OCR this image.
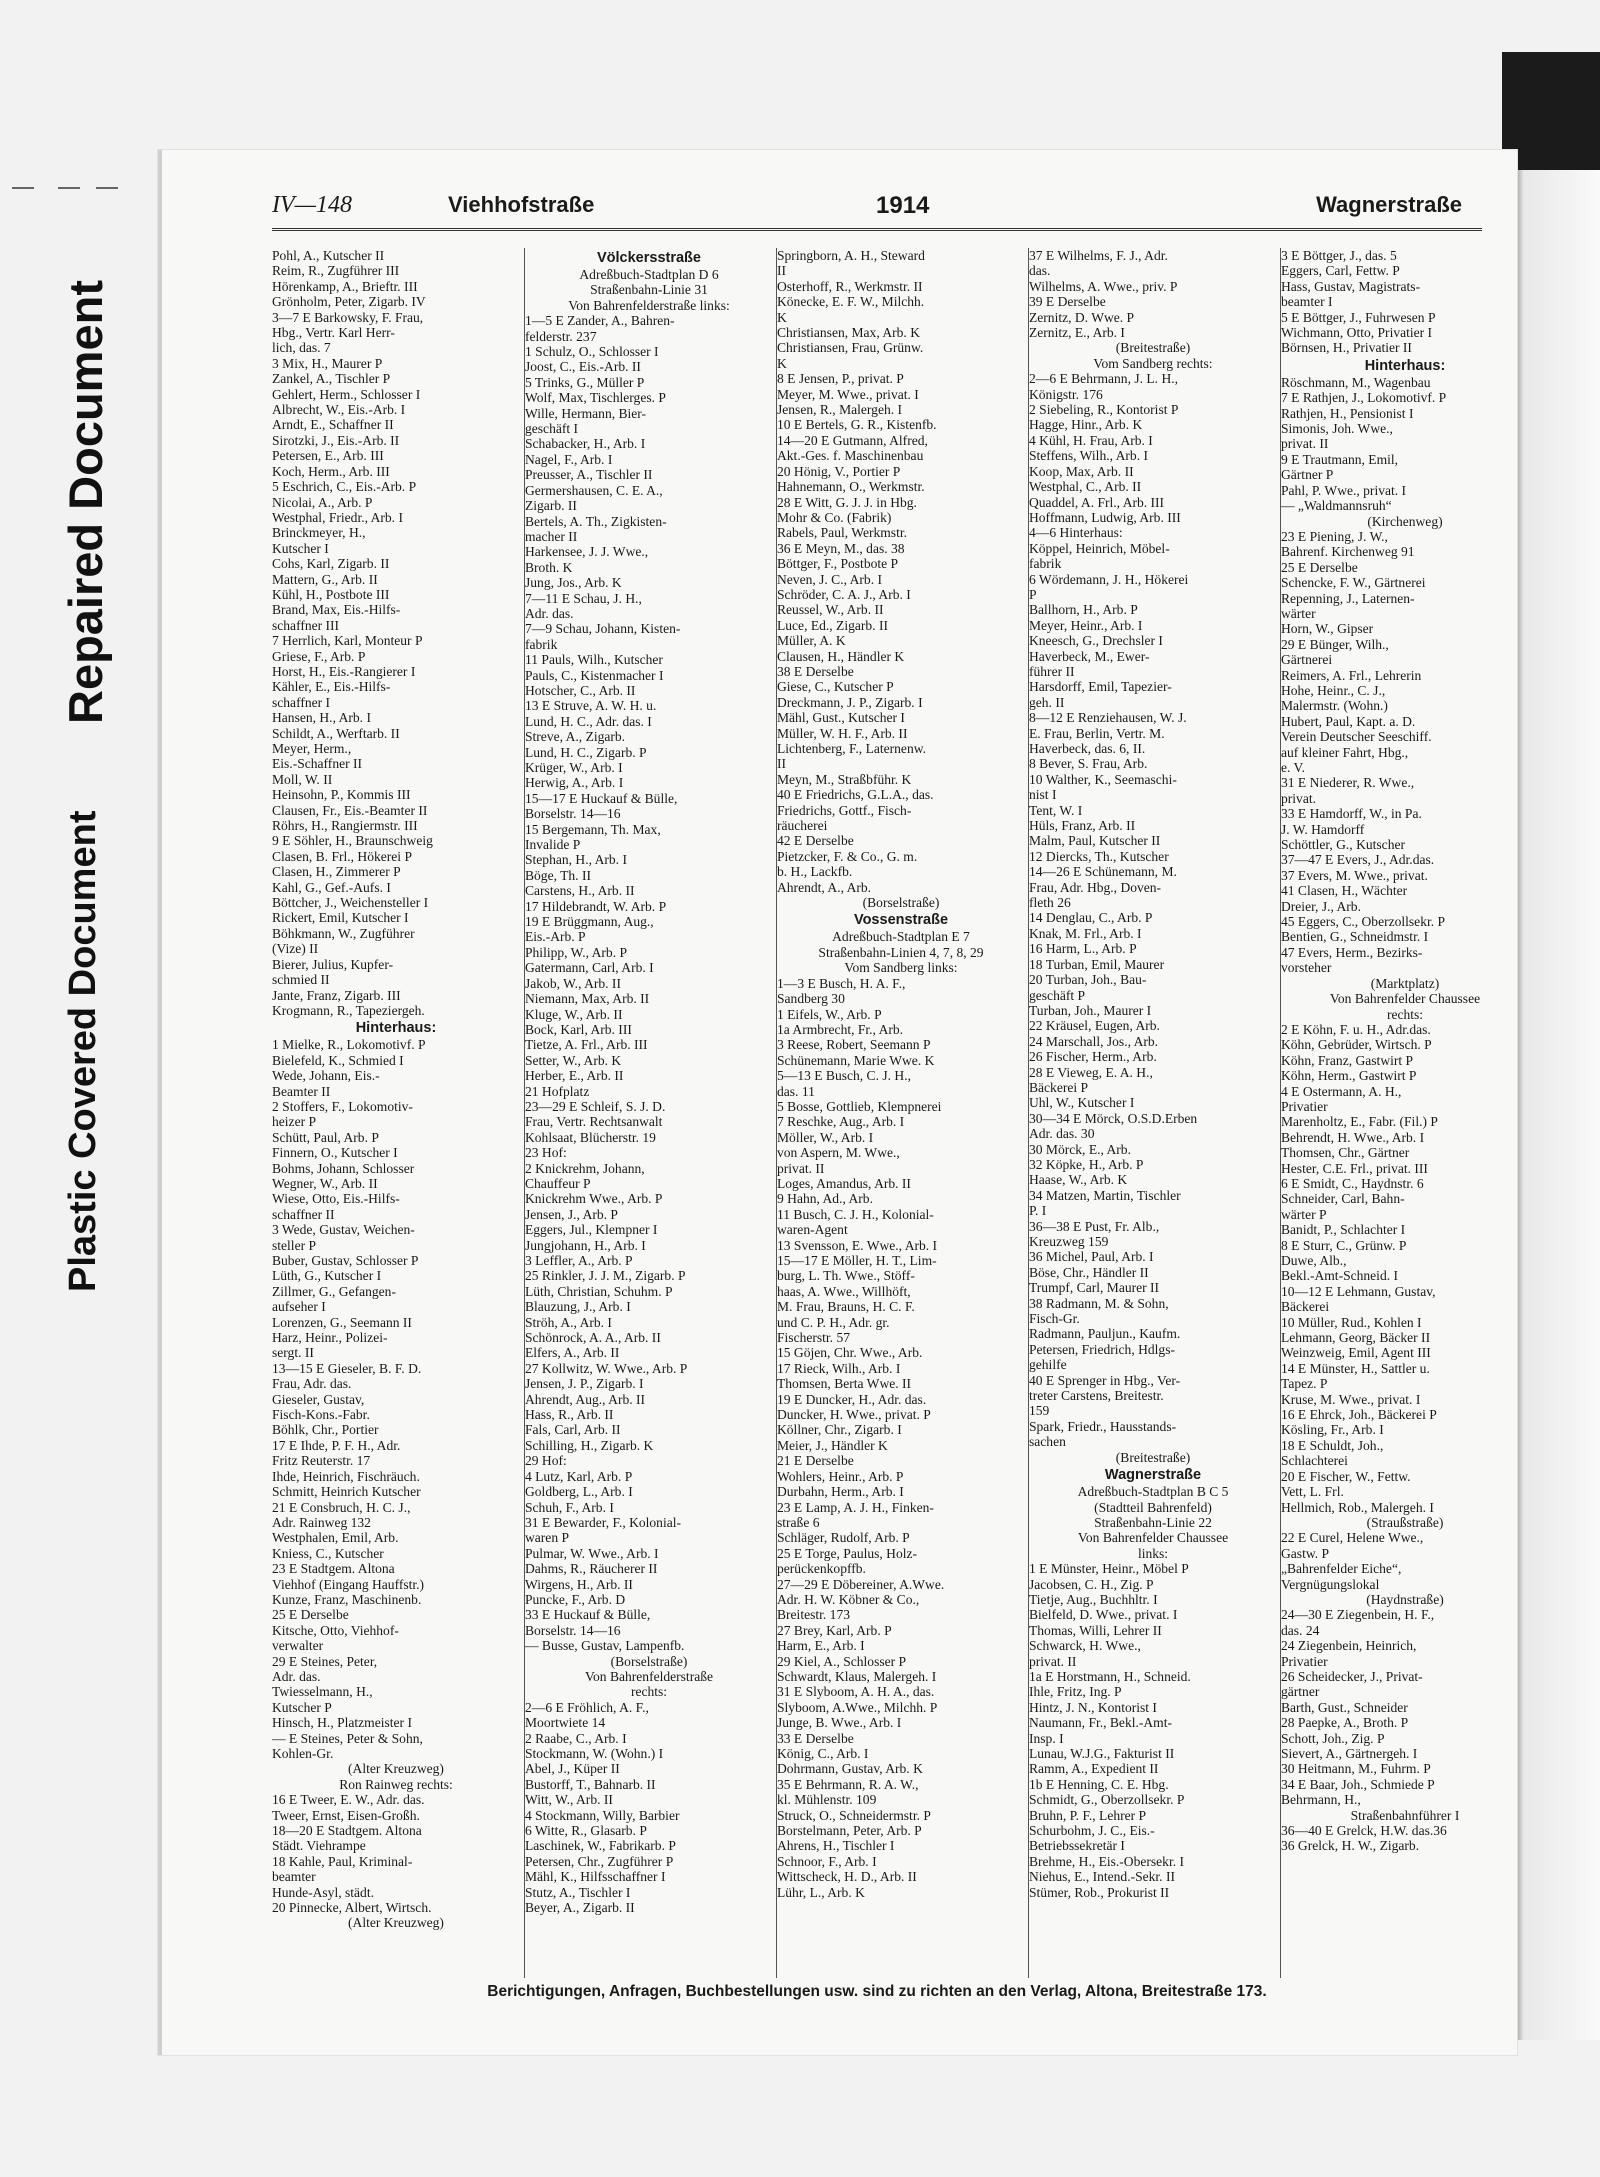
Repaired Document
Plastic Covered Document
IV—148	Viehhofstraße	1914	Wagnerstraße
Pohl, A., Kutscher II
Reim, R., Zugführer III
Hörenkamp, A., Brieftr. III
Grönholm, Peter, Zigarb. IV
3—7 E Barkowsky, F. Frau,
Hbg., Vertr. Karl Herr-
lich, das. 7
3 Mix, H., Maurer P
Zankel, A., Tischler P
Gehlert, Herm., Schlosser I
Albrecht, W., Eis.-Arb. I
Arndt, E., Schaffner II
Sirotzki, J., Eis.-Arb. II
Petersen, E., Arb. III
Koch, Herm., Arb. III
5 Eschrich, C., Eis.-Arb. P
Nicolai, A., Arb. P
Westphal, Friedr., Arb. I
Brinckmeyer, H.,
Kutscher I
Cohs, Karl, Zigarb. II
Mattern, G., Arb. II
Kühl, H., Postbote III
Brand, Max, Eis.-Hilfs-
schaffner III
7 Herrlich, Karl, Monteur P
Griese, F., Arb. P
Horst, H., Eis.-Rangierer I
Kähler, E., Eis.-Hilfs-
schaffner I
Hansen, H., Arb. I
Schildt, A., Werftarb. II
Meyer, Herm.,
Eis.-Schaffner II
Moll, W. II
Heinsohn, P., Kommis III
Clausen, Fr., Eis.-Beamter II
Röhrs, H., Rangiermstr. III
9 E Söhler, H., Braunschweig
Clasen, B. Frl., Hökerei P
Clasen, H., Zimmerer P
Kahl, G., Gef.-Aufs. I
Böttcher, J., Weichensteller I
Rickert, Emil, Kutscher I
Böhkmann, W., Zugführer
(Vize) II
Bierer, Julius, Kupfer-
schmied II
Jante, Franz, Zigarb. III
Krogmann, R., Tapeziergeh.
Hinterhaus:
1 Mielke, R., Lokomotivf. P
Bielefeld, K., Schmied I
Wede, Johann, Eis.-
Beamter II
2 Stoffers, F., Lokomotiv-
heizer P
Schütt, Paul, Arb. P
Finnern, O., Kutscher I
Bohms, Johann, Schlosser
Wegner, W., Arb. II
Wiese, Otto, Eis.-Hilfs-
schaffner II
3 Wede, Gustav, Weichen-
steller P
Buber, Gustav, Schlosser P
Lüth, G., Kutscher I
Zillmer, G., Gefangen-
aufseher I
Lorenzen, G., Seemann II
Harz, Heinr., Polizei-
sergt. II
13—15 E Gieseler, B. F. D.
Frau, Adr. das.
Gieseler, Gustav,
Fisch-Kons.-Fabr.
Böhlk, Chr., Portier
17 E Ihde, P. F. H., Adr.
Fritz Reuterstr. 17
Ihde, Heinrich, Fischräuch.
Schmitt, Heinrich Kutscher
21 E Consbruch, H. C. J.,
Adr. Rainweg 132
Westphalen, Emil, Arb.
Kniess, C., Kutscher
23 E Stadtgem. Altona
Viehhof (Eingang Hauffstr.)
Kunze, Franz, Maschinenb.
25 E Derselbe
Kitsche, Otto, Viehhof-
verwalter
29 E Steines, Peter,
Adr. das.
Twiesselmann, H.,
Kutscher P
Hinsch, H., Platzmeister I
— E Steines, Peter & Sohn,
Kohlen-Gr.
(Alter Kreuzweg)
Ron Rainweg rechts:
16 E Tweer, E. W., Adr. das.
Tweer, Ernst, Eisen-Großh.
18—20 E Stadtgem. Altona
Städt. Viehrampe
18 Kahle, Paul, Kriminal-
beamter
Hunde-Asyl, städt.
20 Pinnecke, Albert, Wirtsch.
(Alter Kreuzweg)
Völckersstraße
Adreßbuch-Stadtplan D 6
Straßenbahn-Linie 31
Von Bahrenfelderstraße links:
1—5 E Zander, A., Bahren-
felderstr. 237
1 Schulz, O., Schlosser I
Joost, C., Eis.-Arb. II
5 Trinks, G., Müller P
Wolf, Max, Tischlerges. P
Wille, Hermann, Bier-
geschäft I
Schabacker, H., Arb. I
Nagel, F., Arb. I
Preusser, A., Tischler II
Germershausen, C. E. A.,
Zigarb. II
Bertels, A. Th., Zigkisten-
macher II
Harkensee, J. J. Wwe.,
Broth. K
Jung, Jos., Arb. K
7—11 E Schau, J. H.,
Adr. das.
7—9 Schau, Johann, Kisten-
fabrik
11 Pauls, Wilh., Kutscher
Pauls, C., Kistenmacher I
Hotscher, C., Arb. II
13 E Struve, A. W. H. u.
Lund, H. C., Adr. das. I
Streve, A., Zigarb.
Lund, H. C., Zigarb. P
Krüger, W., Arb. I
Herwig, A., Arb. I
15—17 E Huckauf & Bülle,
Borselstr. 14—16
15 Bergemann, Th. Max,
Invalide P
Stephan, H., Arb. I
Böge, Th. II
Carstens, H., Arb. II
17 Hildebrandt, W. Arb. P
19 E Brüggmann, Aug.,
Eis.-Arb. P
Philipp, W., Arb. P
Gatermann, Carl, Arb. I
Jakob, W., Arb. II
Niemann, Max, Arb. II
Kluge, W., Arb. II
Bock, Karl, Arb. III
Tietze, A. Frl., Arb. III
Setter, W., Arb. K
Herber, E., Arb. II
21 Hofplatz
23—29 E Schleif, S. J. D.
Frau, Vertr. Rechtsanwalt
Kohlsaat, Blücherstr. 19
23 Hof:
2 Knickrehm, Johann,
Chauffeur P
Knickrehm Wwe., Arb. P
Jensen, J., Arb. P
Eggers, Jul., Klempner I
Jungjohann, H., Arb. I
3 Leffler, A., Arb. P
25 Rinkler, J. J. M., Zigarb. P
Lüth, Christian, Schuhm. P
Blauzung, J., Arb. I
Ströh, A., Arb. I
Schönrock, A. A., Arb. II
Elfers, A., Arb. II
27 Kollwitz, W. Wwe., Arb. P
Jensen, J. P., Zigarb. I
Ahrendt, Aug., Arb. II
Hass, R., Arb. II
Fals, Carl, Arb. II
Schilling, H., Zigarb. K
29 Hof:
4 Lutz, Karl, Arb. P
Goldberg, L., Arb. I
Schuh, F., Arb. I
31 E Bewarder, F., Kolonial-
waren P
Pulmar, W. Wwe., Arb. I
Dahms, R., Räucherer II
Wirgens, H., Arb. II
Puncke, F., Arb. D
33 E Huckauf & Bülle,
Borselstr. 14—16
— Busse, Gustav, Lampenfb.
(Borselstraße)
Von Bahrenfelderstraße
rechts:
2—6 E Fröhlich, A. F.,
Moortwiete 14
2 Raabe, C., Arb. I
Stockmann, W. (Wohn.) I
Abel, J., Küper II
Bustorff, T., Bahnarb. II
Witt, W., Arb. II
4 Stockmann, Willy, Barbier
6 Witte, R., Glasarb. P
Laschinek, W., Fabrikarb. P
Petersen, Chr., Zugführer P
Mähl, K., Hilfsschaffner I
Stutz, A., Tischler I
Beyer, A., Zigarb. II
Springborn, A. H., Steward
II
Osterhoff, R., Werkmstr. II
Könecke, E. F. W., Milchh.
K
Christiansen, Max, Arb. K
Christiansen, Frau, Grünw.
K
8 E Jensen, P., privat. P
Meyer, M. Wwe., privat. I
Jensen, R., Malergeh. I
10 E Bertels, G. R., Kistenfb.
14—20 E Gutmann, Alfred,
Akt.-Ges. f. Maschinenbau
20 Hönig, V., Portier P
Hahnemann, O., Werkmstr.
28 E Witt, G. J. J. in Hbg.
Mohr & Co. (Fabrik)
Rabels, Paul, Werkmstr.
36 E Meyn, M., das. 38
Böttger, F., Postbote P
Neven, J. C., Arb. I
Schröder, C. A. J., Arb. I
Reussel, W., Arb. II
Luce, Ed., Zigarb. II
Müller, A. K
Clausen, H., Händler K
38 E Derselbe
Giese, C., Kutscher P
Dreckmann, J. P., Zigarb. I
Mähl, Gust., Kutscher I
Müller, W. H. F., Arb. II
Lichtenberg, F., Laternenw.
II
Meyn, M., Straßbführ. K
40 E Friedrichs, G.L.A., das.
Friedrichs, Gottf., Fisch-
räucherei
42 E Derselbe
Pietzcker, F. & Co., G. m.
b. H., Lackfb.
Ahrendt, A., Arb.
(Borselstraße)
Vossenstraße
Adreßbuch-Stadtplan E 7
Straßenbahn-Linien 4, 7, 8, 29
Vom Sandberg links:
1—3 E Busch, H. A. F.,
Sandberg 30
1 Eifels, W., Arb. P
1a Armbrecht, Fr., Arb.
3 Reese, Robert, Seemann P
Schünemann, Marie Wwe. K
5—13 E Busch, C. J. H.,
das. 11
5 Bosse, Gottlieb, Klempnerei
7 Reschke, Aug., Arb. I
Möller, W., Arb. I
von Aspern, M. Wwe.,
privat. II
Loges, Amandus, Arb. II
9 Hahn, Ad., Arb.
11 Busch, C. J. H., Kolonial-
waren-Agent
13 Svensson, E. Wwe., Arb. I
15—17 E Möller, H. T., Lim-
burg, L. Th. Wwe., Stöff-
haas, A. Wwe., Willhöft,
M. Frau, Brauns, H. C. F.
und C. P. H., Adr. gr.
Fischerstr. 57
15 Göjen, Chr. Wwe., Arb.
17 Rieck, Wilh., Arb. I
Thomsen, Berta Wwe. II
19 E Duncker, H., Adr. das.
Duncker, H. Wwe., privat. P
Köllner, Chr., Zigarb. I
Meier, J., Händler K
21 E Derselbe
Wohlers, Heinr., Arb. P
Durbahn, Herm., Arb. I
23 E Lamp, A. J. H., Finken-
straße 6
Schläger, Rudolf, Arb. P
25 E Torge, Paulus, Holz-
perückenkopffb.
27—29 E Döbereiner, A.Wwe.
Adr. H. W. Köbner & Co.,
Breitestr. 173
27 Brey, Karl, Arb. P
Harm, E., Arb. I
29 Kiel, A., Schlosser P
Schwardt, Klaus, Malergeh. I
31 E Slyboom, A. H. A., das.
Slyboom, A.Wwe., Milchh. P
Junge, B. Wwe., Arb. I
33 E Derselbe
König, C., Arb. I
Dohrmann, Gustav, Arb. K
35 E Behrmann, R. A. W.,
kl. Mühlenstr. 109
Struck, O., Schneidermstr. P
Borstelmann, Peter, Arb. P
Ahrens, H., Tischler I
Schnoor, F., Arb. I
Wittscheck, H. D., Arb. II
Lühr, L., Arb. K
37 E Wilhelms, F. J., Adr.
das.
Wilhelms, A. Wwe., priv. P
39 E Derselbe
Zernitz, D. Wwe. P
Zernitz, E., Arb. I
(Breitestraße)
Vom Sandberg rechts:
2—6 E Behrmann, J. L. H.,
Königstr. 176
2 Siebeling, R., Kontorist P
Hagge, Hinr., Arb. K
4 Kühl, H. Frau, Arb. I
Steffens, Wilh., Arb. I
Koop, Max, Arb. II
Westphal, C., Arb. II
Quaddel, A. Frl., Arb. III
Hoffmann, Ludwig, Arb. III
4—6 Hinterhaus:
Köppel, Heinrich, Möbel-
fabrik
6 Wördemann, J. H., Hökerei
P
Ballhorn, H., Arb. P
Meyer, Heinr., Arb. I
Kneesch, G., Drechsler I
Haverbeck, M., Ewer-
führer II
Harsdorff, Emil, Tapezier-
geh. II
8—12 E Renziehausen, W. J.
E. Frau, Berlin, Vertr. M.
Haverbeck, das. 6, II.
8 Bever, S. Frau, Arb.
10 Walther, K., Seemaschi-
nist I
Tent, W. I
Hüls, Franz, Arb. II
Malm, Paul, Kutscher II
12 Diercks, Th., Kutscher
14—26 E Schünemann, M.
Frau, Adr. Hbg., Doven-
fleth 26
14 Denglau, C., Arb. P
Knak, M. Frl., Arb. I
16 Harm, L., Arb. P
18 Turban, Emil, Maurer
20 Turban, Joh., Bau-
geschäft P
Turban, Joh., Maurer I
22 Kräusel, Eugen, Arb.
24 Marschall, Jos., Arb.
26 Fischer, Herm., Arb.
28 E Vieweg, E. A. H.,
Bäckerei P
Uhl, W., Kutscher I
30—34 E Mörck, O.S.D.Erben
Adr. das. 30
30 Mörck, E., Arb.
32 Köpke, H., Arb. P
Haase, W., Arb. K
34 Matzen, Martin, Tischler
P. I
36—38 E Pust, Fr. Alb.,
Kreuzweg 159
36 Michel, Paul, Arb. I
Böse, Chr., Händler II
Trumpf, Carl, Maurer II
38 Radmann, M. & Sohn,
Fisch-Gr.
Radmann, Pauljun., Kaufm.
Petersen, Friedrich, Hdlgs-
gehilfe
40 E Sprenger in Hbg., Ver-
treter Carstens, Breitestr.
159
Spark, Friedr., Hausstands-
sachen
(Breitestraße)
Wagnerstraße
Adreßbuch-Stadtplan B C 5
(Stadtteil Bahrenfeld)
Straßenbahn-Linie 22
Von Bahrenfelder Chaussee
links:
1 E Münster, Heinr., Möbel P
Jacobsen, C. H., Zig. P
Tietje, Aug., Buchhltr. I
Bielfeld, D. Wwe., privat. I
Thomas, Willi, Lehrer II
Schwarck, H. Wwe.,
privat. II
1a E Horstmann, H., Schneid.
Ihle, Fritz, Ing. P
Hintz, J. N., Kontorist I
Naumann, Fr., Bekl.-Amt-
Insp. I
Lunau, W.J.G., Fakturist II
Ramm, A., Expedient II
1b E Henning, C. E. Hbg.
Schmidt, G., Oberzollsekr. P
Bruhn, P. F., Lehrer P
Schurbohm, J. C., Eis.-
Betriebssekretär I
Brehme, H., Eis.-Obersekr. I
Niehus, E., Intend.-Sekr. II
Stümer, Rob., Prokurist II
3 E Böttger, J., das. 5
Eggers, Carl, Fettw. P
Hass, Gustav, Magistrats-
beamter I
5 E Böttger, J., Fuhrwesen P
Wichmann, Otto, Privatier I
Börnsen, H., Privatier II
Hinterhaus:
Röschmann, M., Wagenbau
7 E Rathjen, J., Lokomotivf. P
Rathjen, H., Pensionist I
Simonis, Joh. Wwe.,
privat. II
9 E Trautmann, Emil,
Gärtner P
Pahl, P. Wwe., privat. I
— „Waldmannsruh“
(Kirchenweg)
23 E Piening, J. W.,
Bahrenf. Kirchenweg 91
25 E Derselbe
Schencke, F. W., Gärtnerei
Repenning, J., Laternen-
wärter
Horn, W., Gipser
29 E Bünger, Wilh.,
Gärtnerei
Reimers, A. Frl., Lehrerin
Hohe, Heinr., C. J.,
Malermstr. (Wohn.)
Hubert, Paul, Kapt. a. D.
Verein Deutscher Seeschiff.
auf kleiner Fahrt, Hbg.,
e. V.
31 E Niederer, R. Wwe.,
privat.
33 E Hamdorff, W., in Pa.
J. W. Hamdorff
Schöttler, G., Kutscher
37—47 E Evers, J., Adr.das.
37 Evers, M. Wwe., privat.
41 Clasen, H., Wächter
Dreier, J., Arb.
45 Eggers, C., Oberzollsekr. P
Bentien, G., Schneidmstr. I
47 Evers, Herm., Bezirks-
vorsteher
(Marktplatz)
Von Bahrenfelder Chaussee
rechts:
2 E Köhn, F. u. H., Adr.das.
Köhn, Gebrüder, Wirtsch. P
Köhn, Franz, Gastwirt P
Köhn, Herm., Gastwirt P
4 E Ostermann, A. H.,
Privatier
Marenholtz, E., Fabr. (Fil.) P
Behrendt, H. Wwe., Arb. I
Thomsen, Chr., Gärtner
Hester, C.E. Frl., privat. III
6 E Smidt, C., Haydnstr. 6
Schneider, Carl, Bahn-
wärter P
Banidt, P., Schlachter I
8 E Sturr, C., Grünw. P
Duwe, Alb.,
Bekl.-Amt-Schneid. I
10—12 E Lehmann, Gustav,
Bäckerei
10 Müller, Rud., Kohlen I
Lehmann, Georg, Bäcker II
Weinzweig, Emil, Agent III
14 E Münster, H., Sattler u.
Tapez. P
Kruse, M. Wwe., privat. I
16 E Ehrck, Joh., Bäckerei P
Kösling, Fr., Arb. I
18 E Schuldt, Joh.,
Schlachterei
20 E Fischer, W., Fettw.
Vett, L. Frl.
Hellmich, Rob., Malergeh. I
(Straußstraße)
22 E Curel, Helene Wwe.,
Gastw. P
„Bahrenfelder Eiche“,
Vergnügungslokal
(Haydnstraße)
24—30 E Ziegenbein, H. F.,
das. 24
24 Ziegenbein, Heinrich,
Privatier
26 Scheidecker, J., Privat-
gärtner
Barth, Gust., Schneider
28 Paepke, A., Broth. P
Schott, Joh., Zig. P
Sievert, A., Gärtnergeh. I
30 Heitmann, M., Fuhrm. P
34 E Baar, Joh., Schmiede P
Behrmann, H.,
Straßenbahnführer I
36—40 E Grelck, H.W. das.36
36 Grelck, H. W., Zigarb.
Berichtigungen, Anfragen, Buchbestellungen usw. sind zu richten an den Verlag, Altona, Breitestraße 173.
